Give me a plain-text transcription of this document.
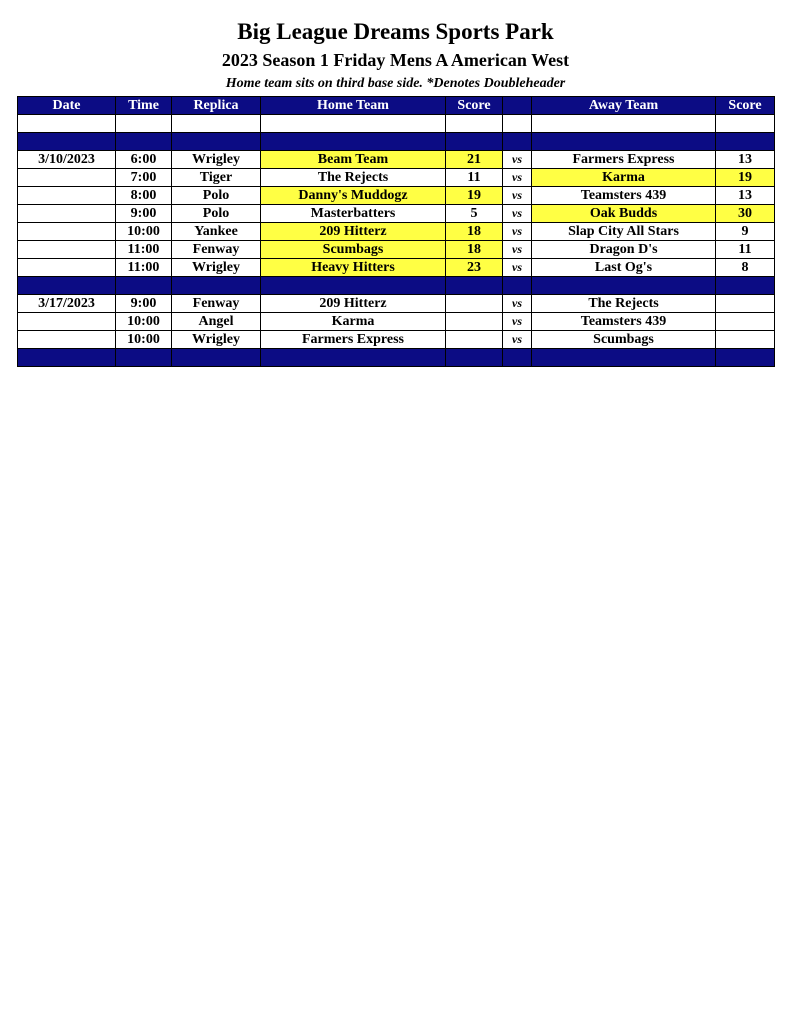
Big League Dreams Sports Park
2023 Season 1 Friday Mens A American West

Home team sits on third base side. *Denotes Doubleheader

Date	Time	Replica	Home Team	Score		Away Team	Score

3/10/2023	6:00	Wrigley	Beam Team	21	vs	Farmers Express	13
	7:00	Tiger	The Rejects	11	vs	Karma	19
	8:00	Polo	Danny's Muddogz	19	vs	Teamsters 439	13
	9:00	Polo	Masterbatters	5	vs	Oak Budds	30
	10:00	Yankee	209 Hitterz	18	vs	Slap City All Stars	9
	11:00	Fenway	Scumbags	18	vs	Dragon D's	11
	11:00	Wrigley	Heavy Hitters	23	vs	Last Og's	8

3/17/2023	9:00	Fenway	209 Hitterz		vs	The Rejects	
	10:00	Angel	Karma		vs	Teamsters 439	
	10:00	Wrigley	Farmers Express		vs	Scumbags	
